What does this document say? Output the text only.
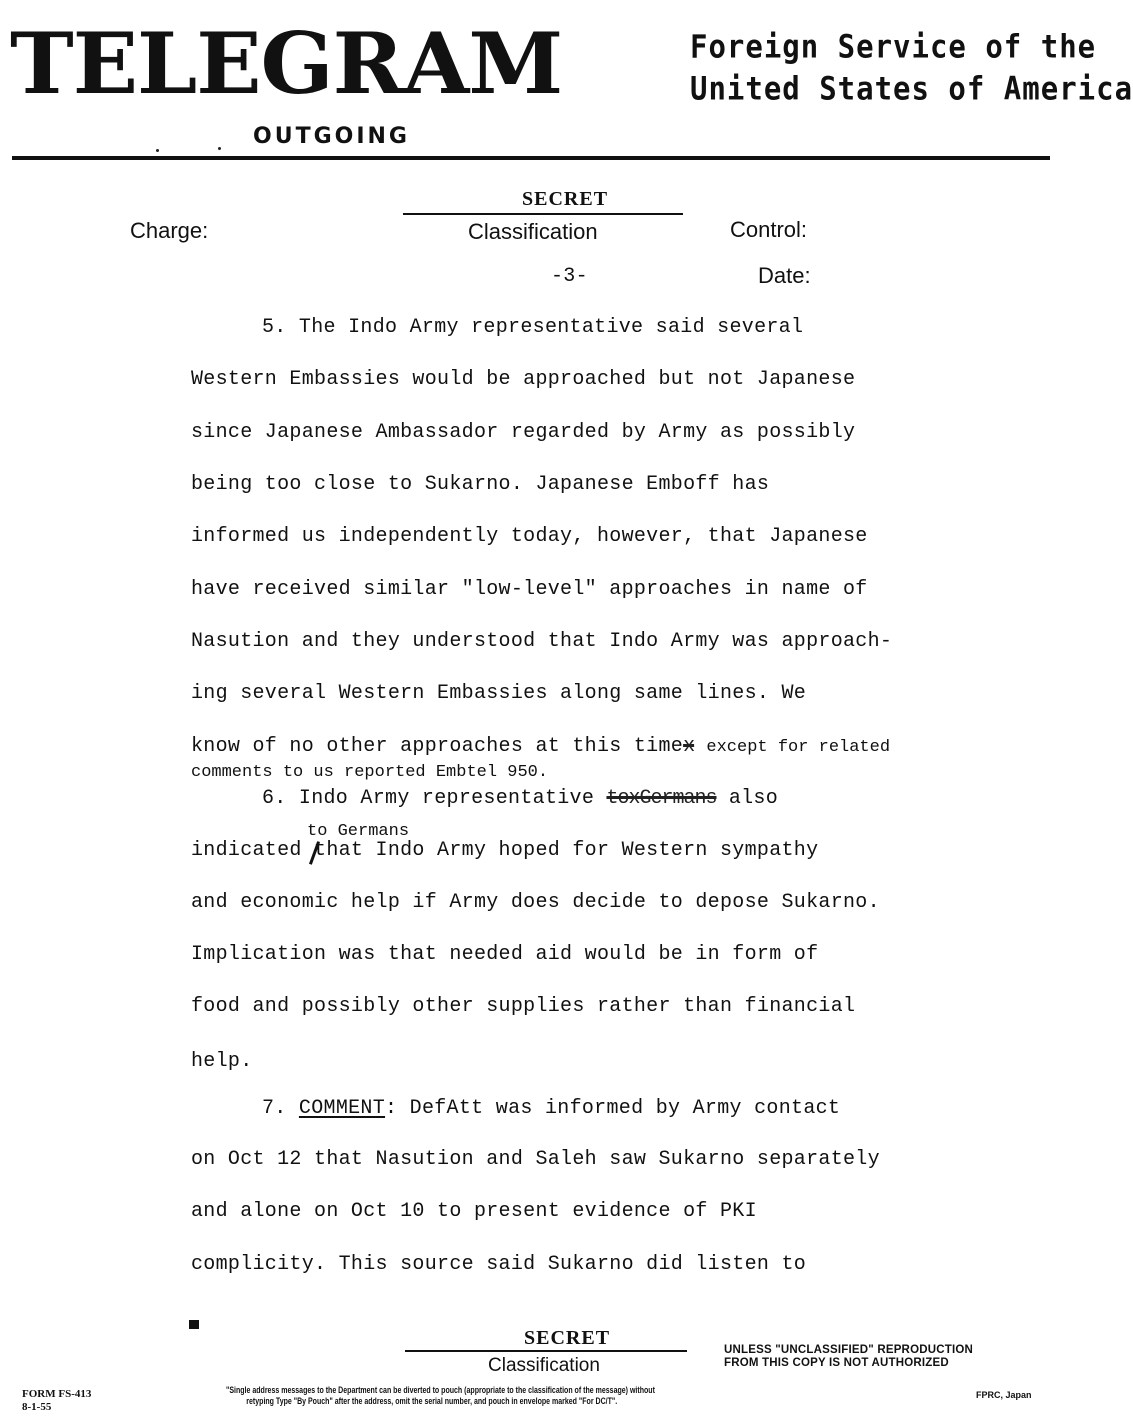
TELEGRAM	Foreign Service of the
United States of America
OUTGOING
SECRET
Charge:	Classification	Control:
-3-	Date:
5. The Indo Army representative said several
Western Embassies would be approached but not Japanese
since Japanese Ambassador regarded by Army as possibly
being too close to Sukarno. Japanese Emboff has
informed us independently today, however, that Japanese
have received similar "low-level" approaches in name of
Nasution and they understood that Indo Army was approach-
ing several Western Embassies along same lines. We
know of no other approaches at this timex except for related
comments to us reported Embtel 950.
6. Indo Army representative toxGermans also
to Germans
indicated that Indo Army hoped for Western sympathy
and economic help if Army does decide to depose Sukarno.
Implication was that needed aid would be in form of
food and possibly other supplies rather than financial
help.
7. COMMENT: DefAtt was informed by Army contact
on Oct 12 that Nasution and Saleh saw Sukarno separately
and alone on Oct 10 to present evidence of PKI
complicity. This source said Sukarno did listen to
SECRET
Classification
UNLESS "UNCLASSIFIED" REPRODUCTION
FROM THIS COPY IS NOT AUTHORIZED
FORM FS-413
8-1-55
"Single address messages to the Department can be diverted to pouch (appropriate to the classification of the message) without
retyping Type "By Pouch" after the address, omit the serial number, and pouch in envelope marked "For DC/T".
FPRC, Japan
